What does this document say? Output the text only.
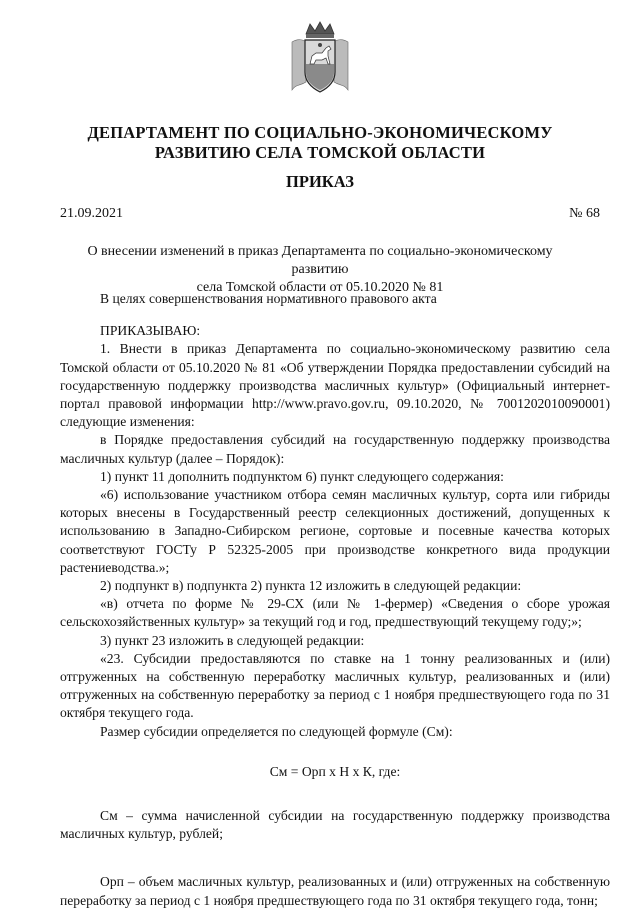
ДЕПАРТАМЕНТ ПО СОЦИАЛЬНО-ЭКОНОМИЧЕСКОМУ
РАЗВИТИЮ СЕЛА ТОМСКОЙ ОБЛАСТИ
ПРИКАЗ
21.09.2021	№ 68
О внесении изменений в приказ Департамента по социально-экономическому развитию
села Томской области от 05.10.2020 № 81

В целях совершенствования нормативного правового акта

ПРИКАЗЫВАЮ:

1. Внести в приказ Департамента по социально-экономическому развитию села Томской области от 05.10.2020 № 81 «Об утверждении Порядка предоставлении субсидий на государственную поддержку производства масличных культур» (Официальный интернет-портал правовой информации http://www.pravo.gov.ru, 09.10.2020, № 7001202010090001) следующие изменения:

в Порядке предоставления субсидий на государственную поддержку производства масличных культур (далее – Порядок):

1) пункт 11 дополнить подпунктом 6) пункт следующего содержания:

«6) использование участником отбора семян масличных культур, сорта или гибриды которых внесены в Государственный реестр селекционных достижений, допущенных к использованию в Западно-Сибирском регионе, сортовые и посевные качества которых соответствуют ГОСТу Р 52325-2005 при производстве конкретного вида продукции растениеводства.»;

2) подпункт в) подпункта 2) пункта 12 изложить в следующей редакции:

«в) отчета по форме № 29-СХ (или № 1-фермер) «Сведения о сборе урожая сельскохозяйственных культур» за текущий год и год, предшествующий текущему году;»;

3) пункт 23 изложить в следующей редакции:

«23. Субсидии предоставляются по ставке на 1 тонну реализованных и (или) отгруженных на собственную переработку масличных культур, реализованных и (или) отгруженных на собственную переработку за период с 1 ноября предшествующего года по 31 октября текущего года.

Размер субсидии определяется по следующей формуле (См):

См = Орп х Н х К, где:

См – сумма начисленной субсидии на государственную поддержку производства масличных культур, рублей;

Орп – объем масличных культур, реализованных и (или) отгруженных на собственную переработку за период с 1 ноября предшествующего года по 31 октября текущего года, тонн;
